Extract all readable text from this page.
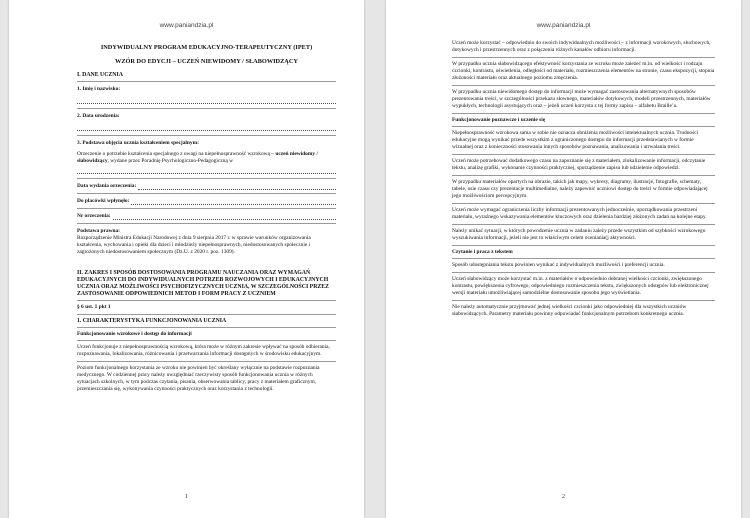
www.paniandzia.pl

INDYWIDUALNY PROGRAM EDUKACYJNO-TERAPEUTYCZNY (IPET)

WZÓR DO EDYCJI – UCZEŃ NIEWIDOMY / SŁABOWIDZĄCY

I. DANE UCZNIA

1. Imię i nazwisko:

2. Data urodzenia:

3. Podstawa objęcia ucznia kształceniem specjalnym:

Orzeczenie o potrzebie kształcenia specjalnego z uwagi na niepełnosprawność wzrokową – uczeń niewidomy / słabowidzący, wydane przez Poradnię Psychologiczno-Pedagogiczną w

Data wydania orzeczenia:
Do placówki wpłynęło:
Nr orzeczenia:

Podstawa prawna:

Rozporządzenie Ministra Edukacji Narodowej z dnia 9 sierpnia 2017 r. w sprawie warunków organizowania kształcenia, wychowania i opieki dla dzieci i młodzieży niepełnosprawnych, niedostosowanych społecznie i zagrożonych niedostosowaniem społecznym (Dz.U. z 2020 r. poz. 1309).

II. ZAKRES I SPOSÓB DOSTOSOWANIA PROGRAMU NAUCZANIA ORAZ WYMAGAŃ EDUKACYJNYCH DO INDYWIDUALNYCH POTRZEB ROZWOJOWYCH I EDUKACYJNYCH UCZNIA ORAZ MOŻLIWOŚCI PSYCHOFIZYCZNYCH UCZNIA, W SZCZEGÓLNOŚCI PRZEZ ZASTOSOWANIE ODPOWIEDNICH METOD I FORM PRACY Z UCZNIEM

§ 6 ust. 1 pkt 1

1. CHARAKTERYSTYKA FUNKCJONOWANIA UCZNIA

Funkcjonowanie wzrokowe i dostęp do informacji

Uczeń funkcjonuje z niepełnosprawnością wzrokową, która może w różnym zakresie wpływać na sposób odbierania, rozpoznawania, lokalizowania, różnicowania i przetwarzania informacji dostępnych w środowisku edukacyjnym.

Poziom funkcjonalnego korzystania ze wzroku nie powinien być określany wyłącznie na podstawie rozpoznania medycznego. W codziennej pracy należy uwzględniać rzeczywisty sposób funkcjonowania ucznia w różnych sytuacjach szkolnych, w tym podczas czytania, pisania, obserwowania tablicy, pracy z materiałem graficznym, przemieszczania się, wykonywania czynności praktycznych oraz korzystania z technologii.

1
www.paniandzia.pl

Uczeń może korzystać – odpowiednio do swoich indywidualnych możliwości – z informacji wzrokowych, słuchowych, dotykowych i przestrzennych oraz z połączenia różnych kanałów odbioru informacji.

W przypadku ucznia słabowidzącego efektywność korzystania ze wzroku może zależeć m.in. od wielkości i rodzaju czcionki, kontrastu, oświetlenia, odległości od materiału, rozmieszczenia elementów na stronie, czasu ekspozycji, stopnia złożoności materiału oraz aktualnego poziomu zmęczenia.

W przypadku ucznia niewidomego dostęp do informacji może wymagać zastosowania alternatywnych sposobów prezentowania treści, w szczególności przekazu słownego, materiałów dotykowych, modeli przestrzennych, materiałów wypukłych, technologii asystujących oraz – jeżeli uczeń korzysta z tej formy zapisu – alfabetu Braille’a.

Funkcjonowanie poznawcze i uczenie się

Niepełnosprawność wzrokowa sama w sobie nie oznacza obniżenia możliwości intelektualnych ucznia. Trudności edukacyjne mogą wynikać przede wszystkim z ograniczonego dostępu do informacji przedstawianych w formie wizualnej oraz z konieczności stosowania innych sposobów poznawania, analizowania i utrwalania treści.

Uczeń może potrzebować dodatkowego czasu na zapoznanie się z materiałem, zlokalizowanie informacji, odczytanie tekstu, analizę grafiki, wykonanie czynności praktycznej, sporządzenie zapisu lub udzielenie odpowiedzi.

W przypadku materiałów opartych na obrazie, takich jak mapy, wykresy, diagramy, ilustracje, fotografie, schematy, tabele, osie czasu czy prezentacje multimedialne, należy zapewnić uczniowi dostęp do treści w formie odpowiadającej jego możliwościom percepcyjnym.

Uczeń może wymagać ograniczenia liczby informacji prezentowanych jednocześnie, uporządkowania przestrzeni materiału, wyraźnego wskazywania elementów kluczowych oraz dzielenia bardziej złożonych zadań na kolejne etapy.

Należy unikać sytuacji, w których powodzenie ucznia w zadaniu zależy przede wszystkim od szybkości wzrokowego wyszukiwania informacji, jeżeli nie jest to właściwym celem oceniania(j aktywności.

Czytanie i praca z tekstem

Sposób udostępniania tekstu powinien wynikać z indywidualnych możliwości i preferencji ucznia.

Uczeń słabowidzący może korzystać m.in. z materiałów o odpowiednio dobranej wielkości czcionki, zwiększonego kontrastu, powiększenia cyfrowego, odpowiedniego rozmieszczenia tekstu, zwiększonych odstępów lub elektronicznej wersji materiału umożliwiającej samodzielne dostosowanie sposobu jego wyświetlania.

Nie należy automatycznie przyjmować jednej wielkości czcionki jako odpowiedniej dla wszystkich uczniów słabowidzących. Parametry materiału powinny odpowiadać funkcjonalnym potrzebom konkretnego ucznia.

2
